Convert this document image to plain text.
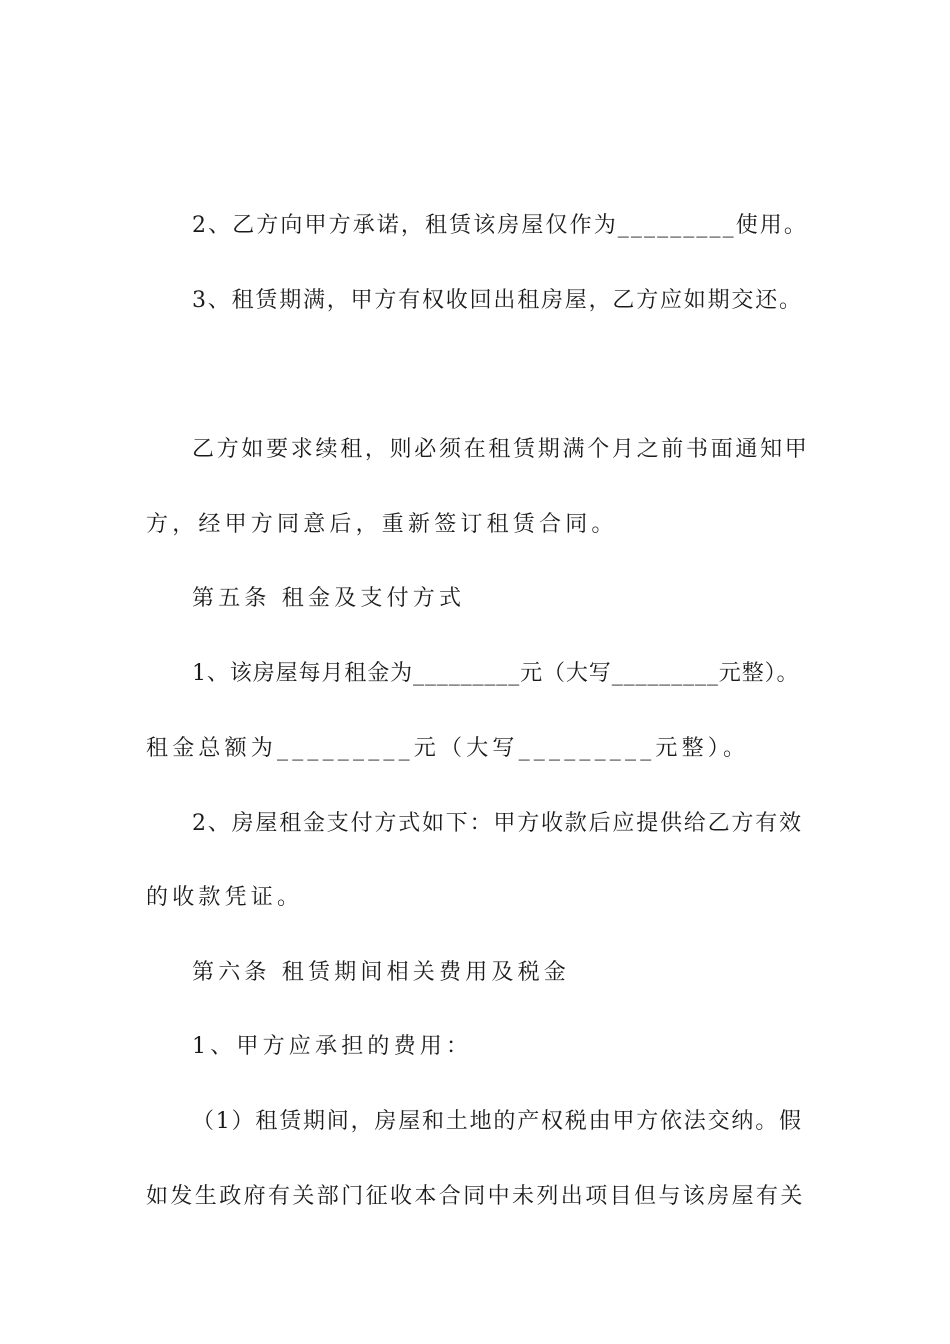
2、乙方向甲方承诺，租赁该房屋仅作为_________使用。
3、租赁期满，甲方有权收回出租房屋，乙方应如期交还。
乙方如要求续租，则必须在租赁期满个月之前书面通知甲
方，经甲方同意后，重新签订租赁合同。
第五条 租金及支付方式
1、该房屋每月租金为_________元（大写_________元整）。
租金总额为_________元（大写_________元整）。
2、房屋租金支付方式如下：甲方收款后应提供给乙方有效
的收款凭证。
第六条 租赁期间相关费用及税金
1、甲方应承担的费用：
（1）租赁期间，房屋和土地的产权税由甲方依法交纳。假
如发生政府有关部门征收本合同中未列出项目但与该房屋有关
